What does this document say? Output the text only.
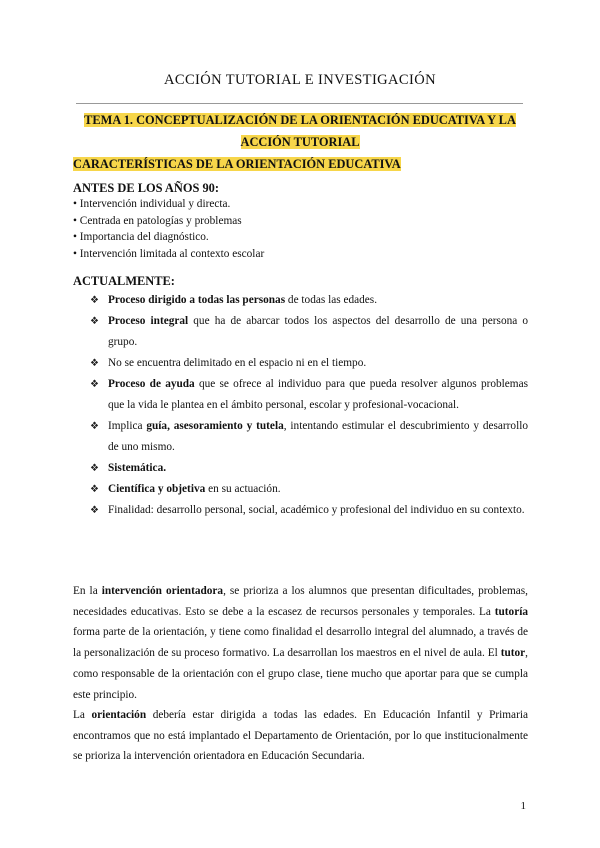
ACCIÓN TUTORIAL E INVESTIGACIÓN
TEMA 1. CONCEPTUALIZACIÓN DE LA ORIENTACIÓN EDUCATIVA Y LA
ACCIÓN TUTORIAL
CARACTERÍSTICAS DE LA ORIENTACIÓN EDUCATIVA
ANTES DE LOS AÑOS 90:
• Intervención individual y directa.
• Centrada en patologías y problemas
• Importancia del diagnóstico.
• Intervención limitada al contexto escolar
ACTUALMENTE:
❖ Proceso dirigido a todas las personas de todas las edades.
❖ Proceso integral que ha de abarcar todos los aspectos del desarrollo de una persona o grupo.
❖ No se encuentra delimitado en el espacio ni en el tiempo.
❖ Proceso de ayuda que se ofrece al individuo para que pueda resolver algunos problemas que la vida le plantea en el ámbito personal, escolar y profesional-vocacional.
❖ Implica guía, asesoramiento y tutela, intentando estimular el descubrimiento y desarrollo de uno mismo.
❖ Sistemática.
❖ Científica y objetiva en su actuación.
❖ Finalidad: desarrollo personal, social, académico y profesional del individuo en su contexto.

En la intervención orientadora, se prioriza a los alumnos que presentan dificultades, problemas, necesidades educativas. Esto se debe a la escasez de recursos personales y temporales. La tutoría forma parte de la orientación, y tiene como finalidad el desarrollo integral del alumnado, a través de la personalización de su proceso formativo. La desarrollan los maestros en el nivel de aula. El tutor, como responsable de la orientación con el grupo clase, tiene mucho que aportar para que se cumpla este principio.

La orientación debería estar dirigida a todas las edades. En Educación Infantil y Primaria encontramos que no está implantado el Departamento de Orientación, por lo que institucionalmente se prioriza la intervención orientadora en Educación Secundaria.

1
